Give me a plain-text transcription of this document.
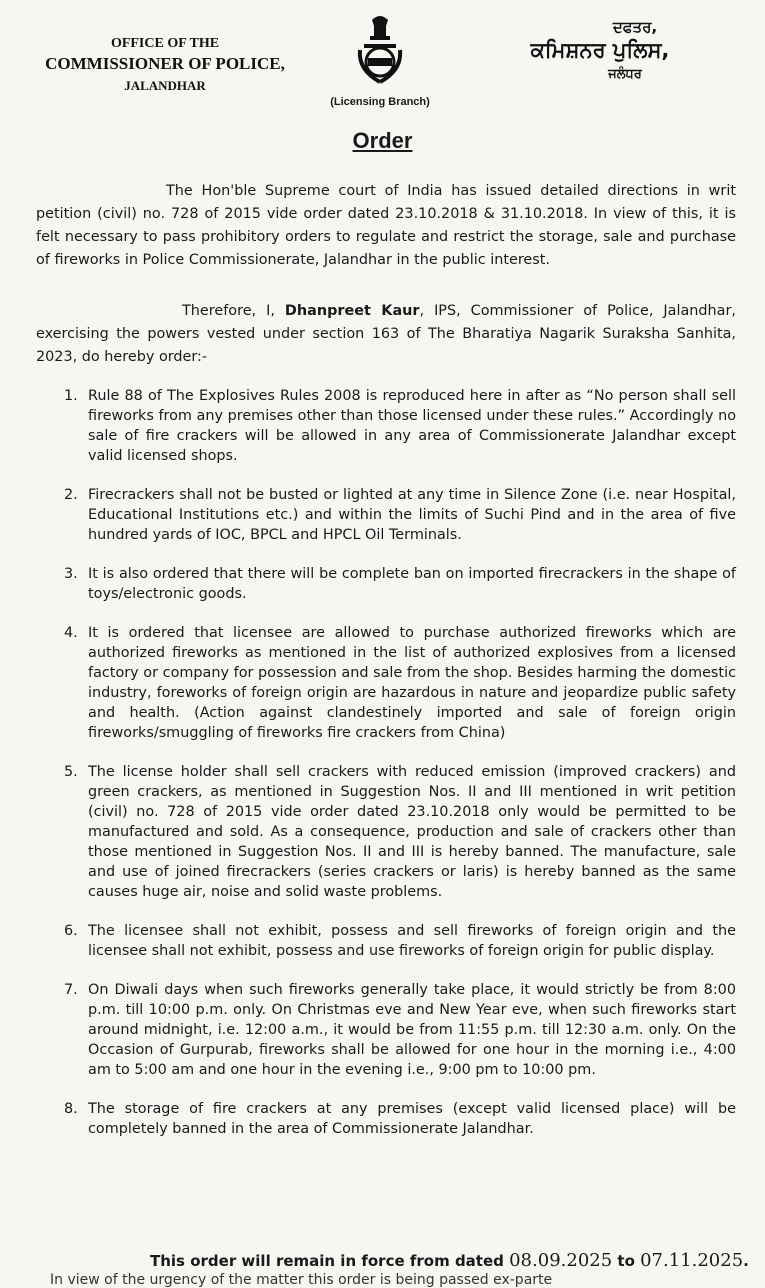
OFFICE OF THE
COMMISSIONER OF POLICE,
JALANDHAR
(Licensing Branch)
ਦਫਤਰ,
ਕਮਿਸ਼ਨਰ ਪੁਲਿਸ,
ਜਲੰਧਰ
Order
The Hon'ble Supreme court of India has issued detailed directions in writ petition (civil) no. 728 of 2015 vide order dated 23.10.2018 & 31.10.2018. In view of this, it is felt necessary to pass prohibitory orders to regulate and restrict the storage, sale and purchase of fireworks in Police Commissionerate, Jalandhar in the public interest.
Therefore, I, Dhanpreet Kaur, IPS, Commissioner of Police, Jalandhar, exercising the powers vested under section 163 of The Bharatiya Nagarik Suraksha Sanhita, 2023, do hereby order:-
1. Rule 88 of The Explosives Rules 2008 is reproduced here in after as “No person shall sell fireworks from any premises other than those licensed under these rules.” Accordingly no sale of fire crackers will be allowed in any area of Commissionerate Jalandhar except valid licensed shops.
2. Firecrackers shall not be busted or lighted at any time in Silence Zone (i.e. near Hospital, Educational Institutions etc.) and within the limits of Suchi Pind and in the area of five hundred yards of IOC, BPCL and HPCL Oil Terminals.
3. It is also ordered that there will be complete ban on imported firecrackers in the shape of toys/electronic goods.
4. It is ordered that licensee are allowed to purchase authorized fireworks which are authorized fireworks as mentioned in the list of authorized explosives from a licensed factory or company for possession and sale from the shop. Besides harming the domestic industry, foreworks of foreign origin are hazardous in nature and jeopardize public safety and health. (Action against clandestinely imported and sale of foreign origin fireworks/smuggling of fireworks fire crackers from China)
5. The license holder shall sell crackers with reduced emission (improved crackers) and green crackers, as mentioned in Suggestion Nos. II and III mentioned in writ petition (civil) no. 728 of 2015 vide order dated 23.10.2018 only would be permitted to be manufactured and sold. As a consequence, production and sale of crackers other than those mentioned in Suggestion Nos. II and III is hereby banned. The manufacture, sale and use of joined firecrackers (series crackers or laris) is hereby banned as the same causes huge air, noise and solid waste problems.
6. The licensee shall not exhibit, possess and sell fireworks of foreign origin and the licensee shall not exhibit, possess and use fireworks of foreign origin for public display.
7. On Diwali days when such fireworks generally take place, it would strictly be from 8:00 p.m. till 10:00 p.m. only. On Christmas eve and New Year eve, when such fireworks start around midnight, i.e. 12:00 a.m., it would be from 11:55 p.m. till 12:30 a.m. only. On the Occasion of Gurpurab, fireworks shall be allowed for one hour in the morning i.e., 4:00 am to 5:00 am and one hour in the evening i.e., 9:00 pm to 10:00 pm.
8. The storage of fire crackers at any premises (except valid licensed place) will be completely banned in the area of Commissionerate Jalandhar.
This order will remain in force from dated 08.09.2025 to 07.11.2025.
In view of the urgency of the matter this order is being passed ex-parte
